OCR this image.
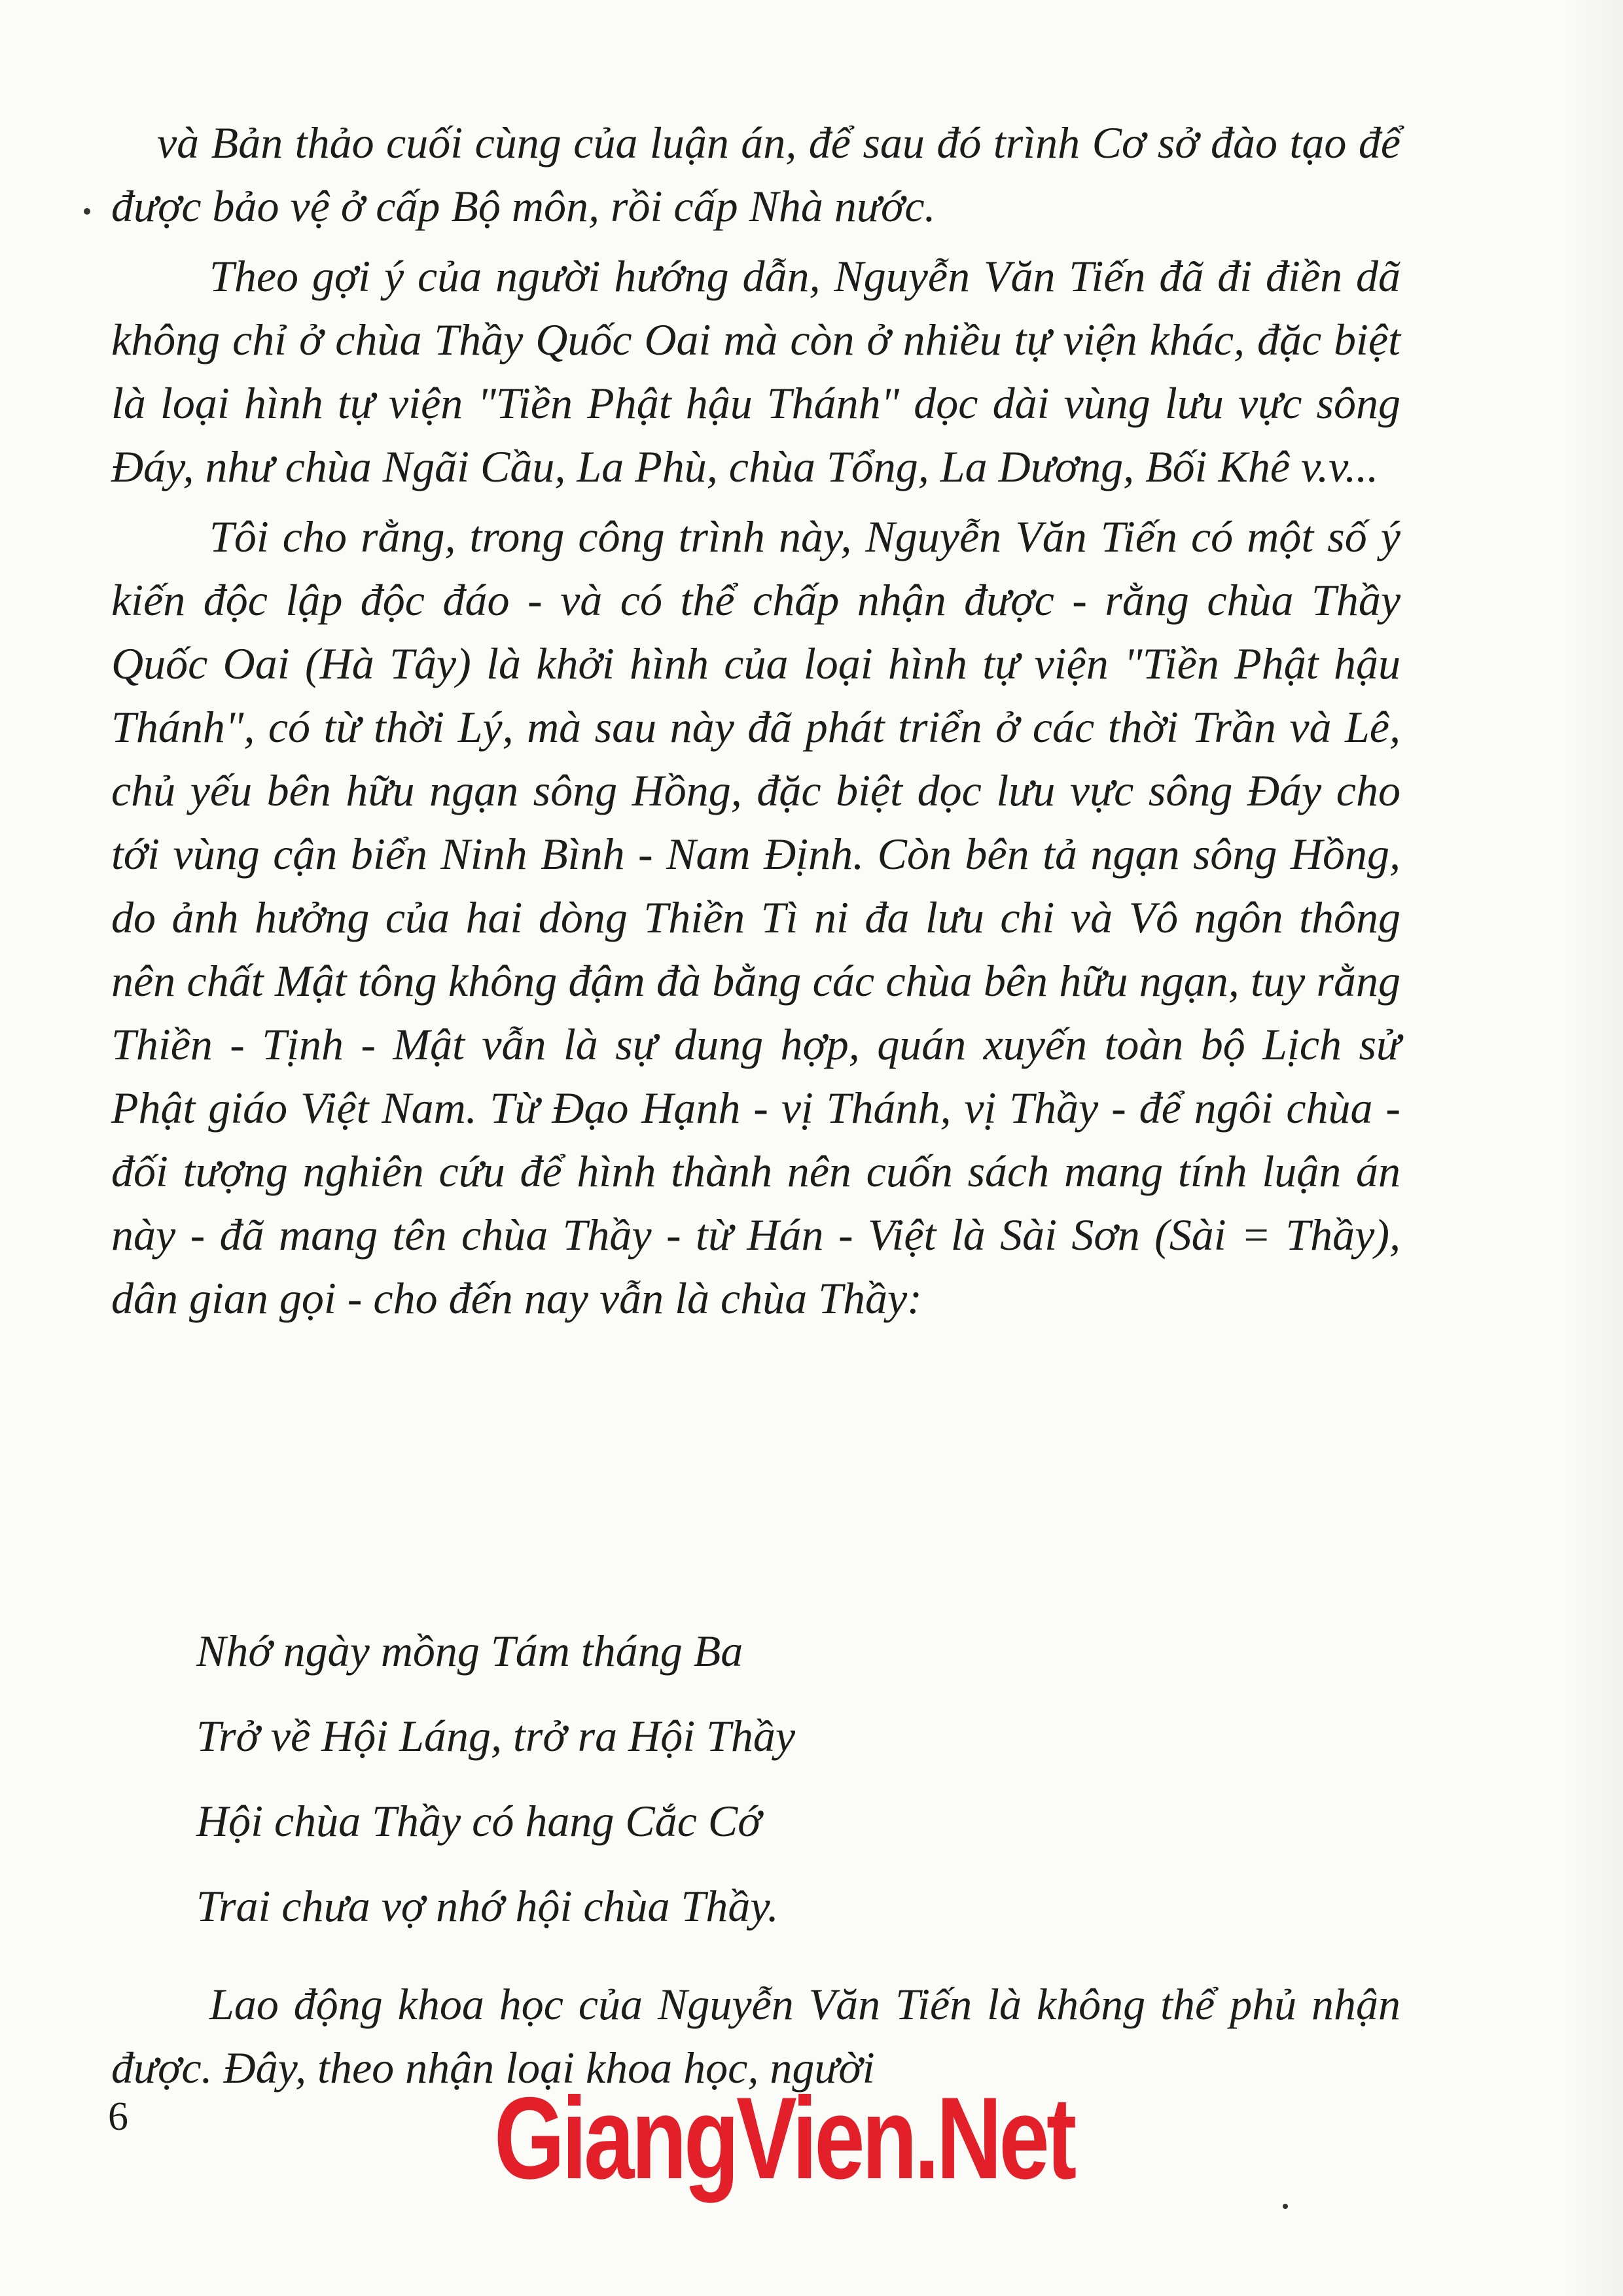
và Bản thảo cuối cùng của luận án, để sau đó trình Cơ sở đào tạo để được bảo vệ ở cấp Bộ môn, rồi cấp Nhà nước.

Theo gợi ý của người hướng dẫn, Nguyễn Văn Tiến đã đi điền dã không chỉ ở chùa Thầy Quốc Oai mà còn ở nhiều tự viện khác, đặc biệt là loại hình tự viện "Tiền Phật hậu Thánh" dọc dài vùng lưu vực sông Đáy, như chùa Ngãi Cầu, La Phù, chùa Tổng, La Dương, Bối Khê v.v...

Tôi cho rằng, trong công trình này, Nguyễn Văn Tiến có một số ý kiến độc lập độc đáo - và có thể chấp nhận được - rằng chùa Thầy Quốc Oai (Hà Tây) là khởi hình của loại hình tự viện "Tiền Phật hậu Thánh", có từ thời Lý, mà sau này đã phát triển ở các thời Trần và Lê, chủ yếu bên hữu ngạn sông Hồng, đặc biệt dọc lưu vực sông Đáy cho tới vùng cận biển Ninh Bình - Nam Định. Còn bên tả ngạn sông Hồng, do ảnh hưởng của hai dòng Thiền Tì ni đa lưu chi và Vô ngôn thông nên chất Mật tông không đậm đà bằng các chùa bên hữu ngạn, tuy rằng Thiền - Tịnh - Mật vẫn là sự dung hợp, quán xuyến toàn bộ Lịch sử Phật giáo Việt Nam. Từ Đạo Hạnh - vị Thánh, vị Thầy - để ngôi chùa - đối tượng nghiên cứu để hình thành nên cuốn sách mang tính luận án này - đã mang tên chùa Thầy - từ Hán - Việt là Sài Sơn (Sài = Thầy), dân gian gọi - cho đến nay vẫn là chùa Thầy:

Nhớ ngày mồng Tám tháng Ba
Trở về Hội Láng, trở ra Hội Thầy
Hội chùa Thầy có hang Cắc Cớ
Trai chưa vợ nhớ hội chùa Thầy.

Lao động khoa học của Nguyễn Văn Tiến là không thể phủ nhận được. Đây, theo nhận loại khoa học, người

6	GiangVien.Net
